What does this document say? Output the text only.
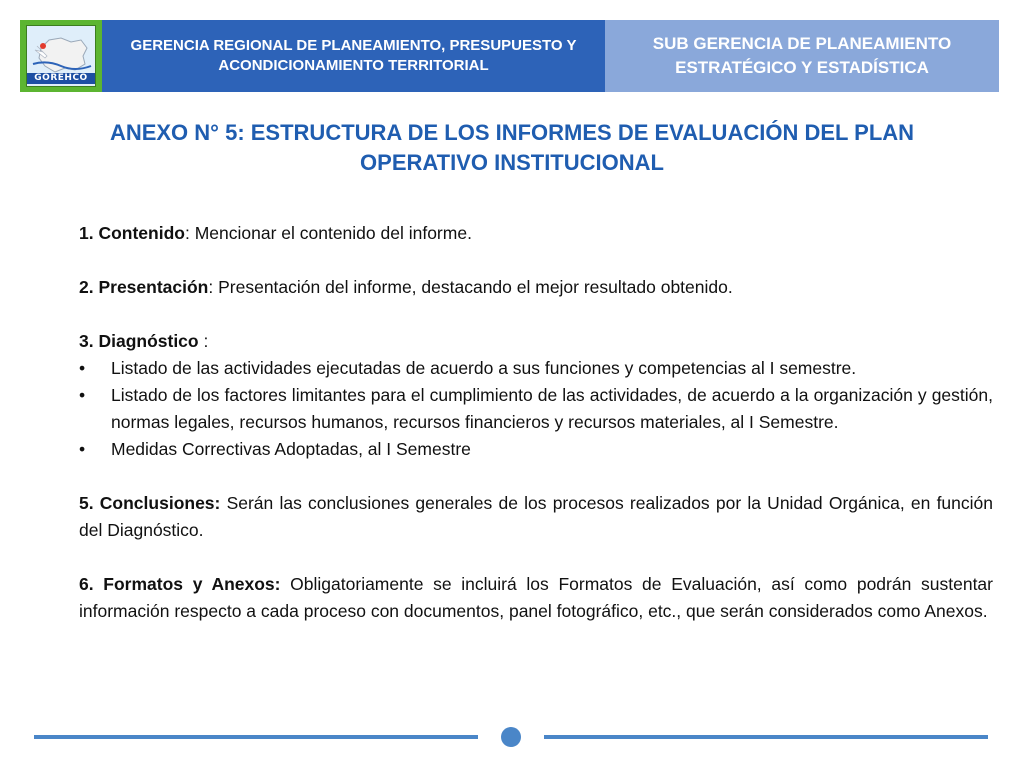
GOREHCO
GERENCIA REGIONAL DE PLANEAMIENTO, PRESUPUESTO Y ACONDICIONAMIENTO TERRITORIAL
SUB GERENCIA DE PLANEAMIENTO ESTRATÉGICO Y ESTADÍSTICA
ANEXO N° 5: ESTRUCTURA DE LOS INFORMES DE EVALUACIÓN DEL PLAN OPERATIVO INSTITUCIONAL

1. Contenido: Mencionar el contenido del informe.

2. Presentación: Presentación del informe, destacando el mejor resultado obtenido.

3. Diagnóstico :

• Listado de las actividades ejecutadas de acuerdo a sus funciones y competencias al I semestre.
• Listado de los factores limitantes para el cumplimiento de las actividades, de acuerdo a la organización y gestión, normas legales, recursos humanos, recursos financieros y recursos materiales, al I Semestre.
• Medidas Correctivas Adoptadas, al I Semestre

5. Conclusiones: Serán las conclusiones generales de los procesos realizados por la Unidad Orgánica, en función del Diagnóstico.

6. Formatos y Anexos: Obligatoriamente se incluirá los Formatos de Evaluación, así como podrán sustentar información respecto a cada proceso con documentos, panel fotográfico, etc., que serán considerados como Anexos.
